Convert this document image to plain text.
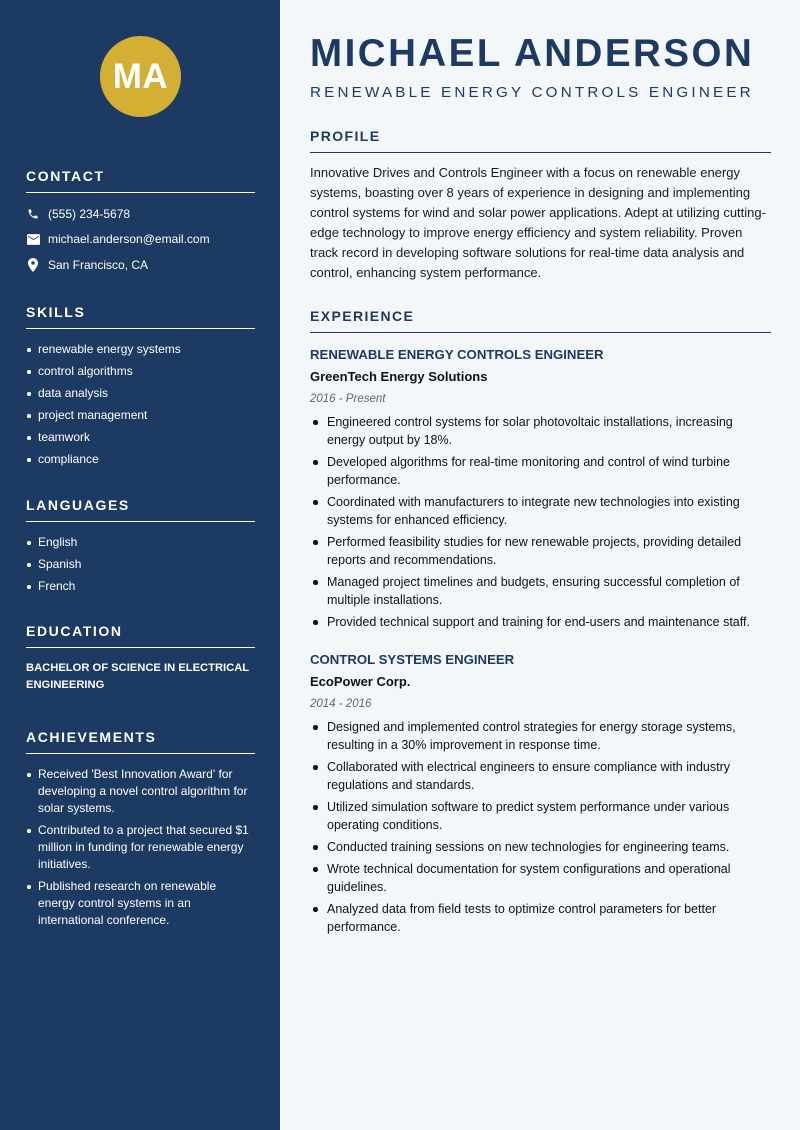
MA
CONTACT
(555) 234-5678
michael.anderson@email.com
San Francisco, CA
SKILLS
renewable energy systems
control algorithms
data analysis
project management
teamwork
compliance
LANGUAGES
English
Spanish
French
EDUCATION
BACHELOR OF SCIENCE IN ELECTRICAL ENGINEERING
ACHIEVEMENTS
Received 'Best Innovation Award' for developing a novel control algorithm for solar systems.
Contributed to a project that secured $1 million in funding for renewable energy initiatives.
Published research on renewable energy control systems in an international conference.
MICHAEL ANDERSON
RENEWABLE ENERGY CONTROLS ENGINEER
PROFILE

Innovative Drives and Controls Engineer with a focus on renewable energy systems, boasting over 8 years of experience in designing and implementing control systems for wind and solar power applications. Adept at utilizing cutting-edge technology to improve energy efficiency and system reliability. Proven track record in developing software solutions for real-time data analysis and control, enhancing system performance.

EXPERIENCE
RENEWABLE ENERGY CONTROLS ENGINEER
GreenTech Energy Solutions
2016 - Present
Engineered control systems for solar photovoltaic installations, increasing energy output by 18%.
Developed algorithms for real-time monitoring and control of wind turbine performance.
Coordinated with manufacturers to integrate new technologies into existing systems for enhanced efficiency.
Performed feasibility studies for new renewable projects, providing detailed reports and recommendations.
Managed project timelines and budgets, ensuring successful completion of multiple installations.
Provided technical support and training for end-users and maintenance staff.
CONTROL SYSTEMS ENGINEER
EcoPower Corp.
2014 - 2016
Designed and implemented control strategies for energy storage systems, resulting in a 30% improvement in response time.
Collaborated with electrical engineers to ensure compliance with industry regulations and standards.
Utilized simulation software to predict system performance under various operating conditions.
Conducted training sessions on new technologies for engineering teams.
Wrote technical documentation for system configurations and operational guidelines.
Analyzed data from field tests to optimize control parameters for better performance.
